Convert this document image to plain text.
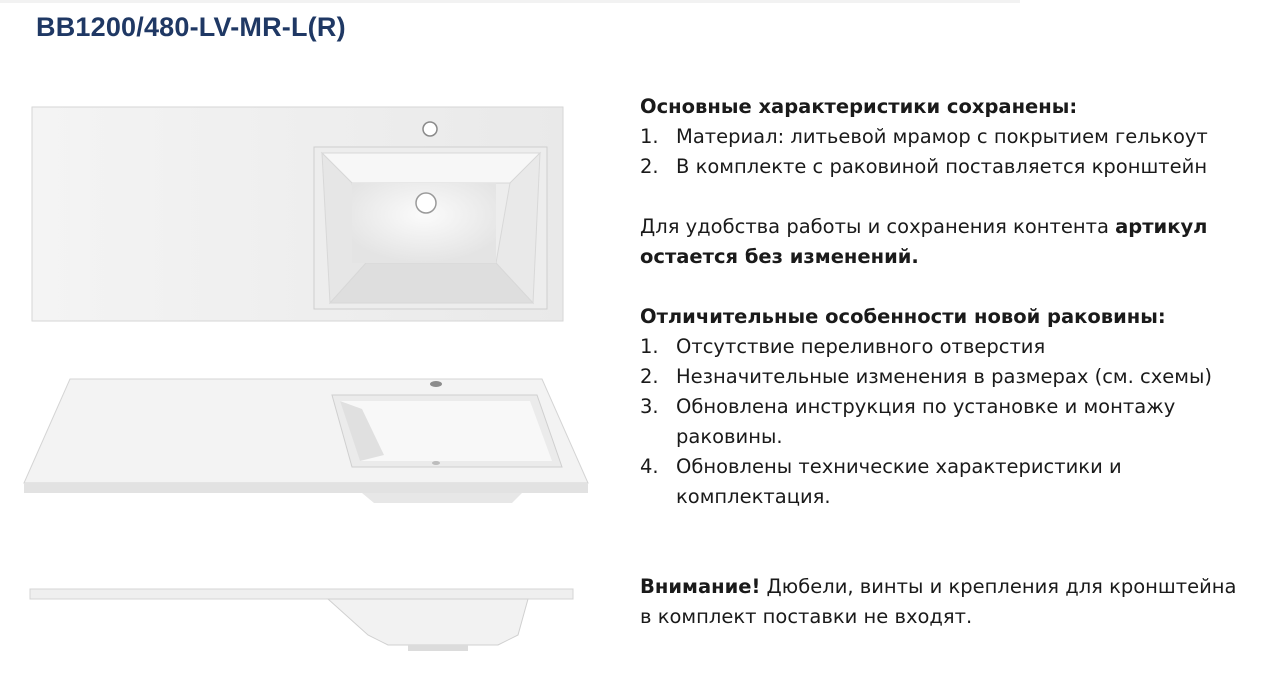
BB1200/480-LV-MR-L(R)

Основные характеристики сохранены:

1. Материал: литьевой мрамор с покрытием гелькоут
2. В комплекте с раковиной поставляется кронштейн

Для удобства работы и сохранения контента артикул остается без изменений.

Отличительные особенности новой раковины:

1. Отсутствие переливного отверстия
2. Незначительные изменения в размерах (см. схемы)
3. Обновлена инструкция по установке и монтажу раковины.
4. Обновлены технические характеристики и комплектация.

Внимание! Дюбели, винты и крепления для кронштейна в комплект поставки не входят.
